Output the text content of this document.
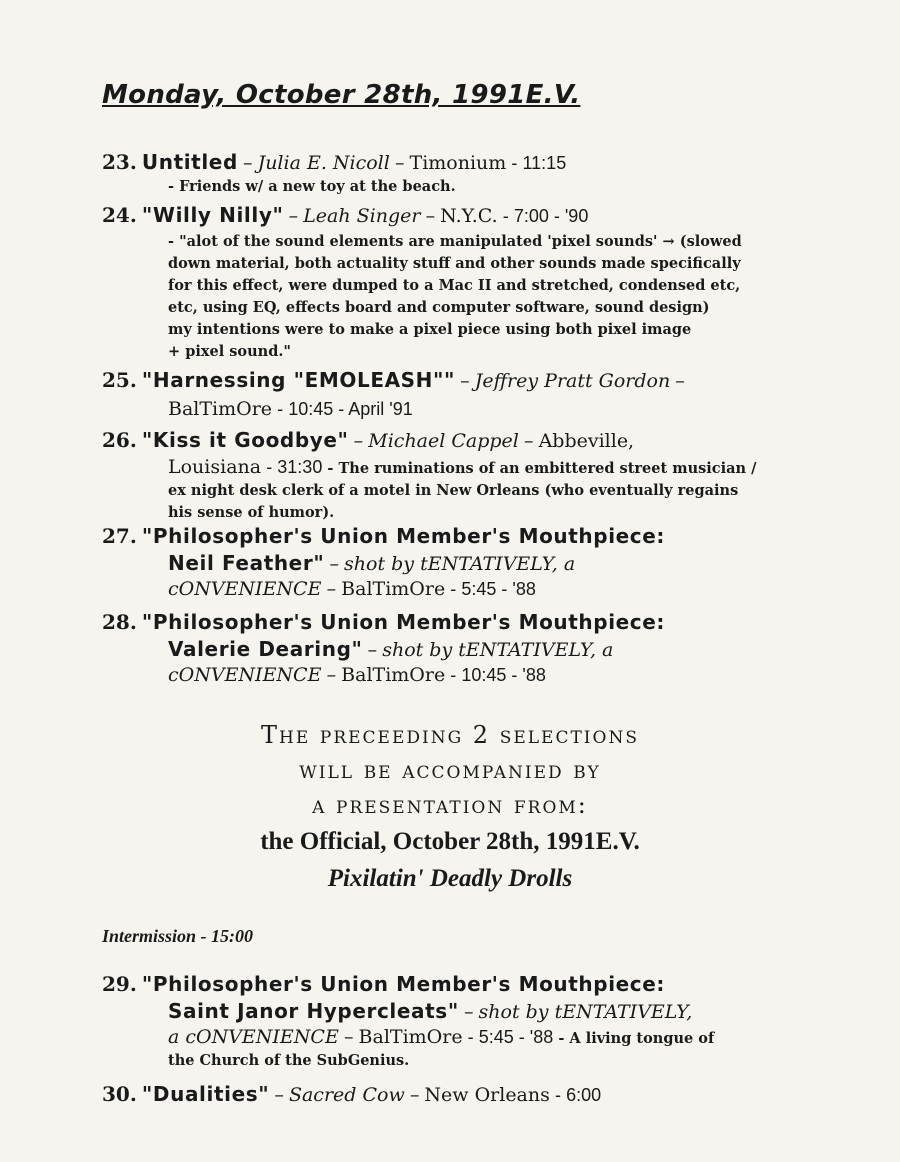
Monday, October 28th, 1991E.V.
23. Untitled – Julia E. Nicoll – Timonium - 11:15
- Friends w/ a new toy at the beach.
24. "Willy Nilly" – Leah Singer – N.Y.C. - 7:00 - '90
- "alot of the sound elements are manipulated 'pixel sounds' → (slowed
down material, both actuality stuff and other sounds made specifically
for this effect, were dumped to a Mac II and stretched, condensed etc,
etc, using EQ, effects board and computer software, sound design)
my intentions were to make a pixel piece using both pixel image
+ pixel sound."
25. "Harnessing "EMOLEASH"" – Jeffrey Pratt Gordon –
BalTimOre - 10:45 - April '91
26. "Kiss it Goodbye" – Michael Cappel – Abbeville,
Louisiana - 31:30 - The ruminations of an embittered street musician /
ex night desk clerk of a motel in New Orleans (who eventually regains
his sense of humor).
27. "Philosopher's Union Member's Mouthpiece:
Neil Feather" – shot by tENTATIVELY, a
cONVENIENCE – BalTimOre - 5:45 - '88
28. "Philosopher's Union Member's Mouthpiece:
Valerie Dearing" – shot by tENTATIVELY, a
cONVENIENCE – BalTimOre - 10:45 - '88
The preceeding 2 selections
will be accompanied by
a presentation from:
the Official, October 28th, 1991E.V.
Pixilatin' Deadly Drolls
Intermission - 15:00
29. "Philosopher's Union Member's Mouthpiece:
Saint Janor Hypercleats" – shot by tENTATIVELY,
a cONVENIENCE – BalTimOre - 5:45 - '88 - A living tongue of
the Church of the SubGenius.
30. "Dualities" – Sacred Cow – New Orleans - 6:00
